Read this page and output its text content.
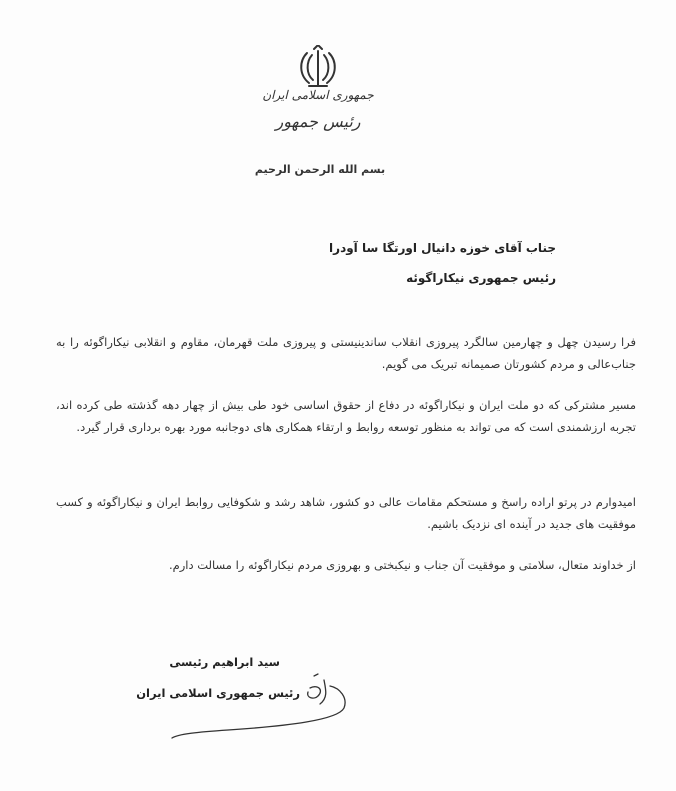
جمهوری اسلامی ایران
رئیس جمهور
بسم الله الرحمن الرحیم
جناب آقای خوزه دانیال اورتگا سا آودرا
رئیس جمهوری نیکاراگوئه

فرا رسیدن چهل و چهارمین سالگرد پیروزی انقلاب ساندینیستی و پیروزی ملت قهرمان، مقاوم و انقلابی نیکاراگوئه را به جناب‌عالی و مردم کشورتان صمیمانه تبریک می گویم.

مسیر مشترکی که دو ملت ایران و نیکاراگوئه در دفاع از حقوق اساسی خود طی بیش از چهار دهه گذشته طی کرده اند، تجربه ارزشمندی است که می تواند به منظور توسعه روابط و ارتقاء همکاری های دوجانبه مورد بهره برداری قرار گیرد.

امیدوارم در پرتو اراده راسخ و مستحکم مقامات عالی دو کشور، شاهد رشد و شکوفایی روابط ایران و نیکاراگوئه و کسب موفقیت های جدید در آینده ای نزدیک باشیم.

از خداوند متعال، سلامتی و موفقیت آن جناب و نیکبختی و بهروزی مردم نیکاراگوئه را مسالت دارم.

سید ابراهیم رئیسی
رئیس جمهوری اسلامی ایران
